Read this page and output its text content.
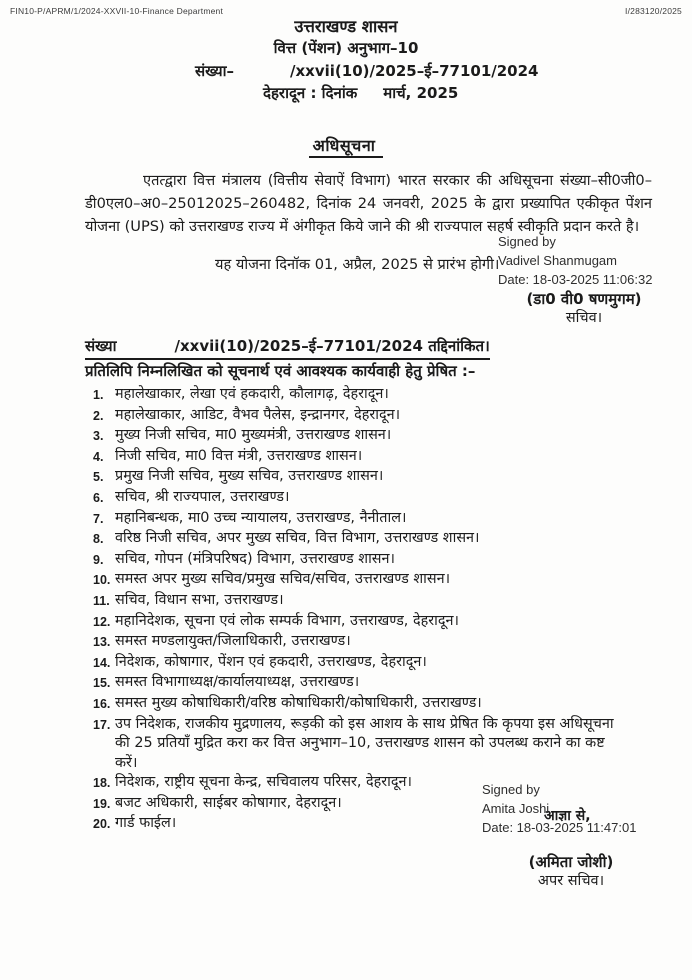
FIN10-P/APRM/1/2024-XXVII-10-Finance Department	I/283120/2025
उत्तराखण्ड शासन
वित्त (पेंशन) अनुभाग–10
संख्या–	/xxvii(10)/2025–ई–77101/2024
देहरादून : दिनांक मार्च, 2025
अधिसूचना

एतत्द्वारा वित्त मंत्रालय (वित्तीय सेवाऐं विभाग) भारत सरकार की अधिसूचना संख्या–सी0जी0–डी0एल0–अ0–25012025–260482, दिनांक 24 जनवरी, 2025 के द्वारा प्रख्यापित एकीकृत पेंशन योजना (UPS) को उत्तराखण्ड राज्य में अंगीकृत किये जाने की श्री राज्यपाल सहर्ष स्वीकृति प्रदान करते है।

यह योजना दिनॉक 01, अप्रैल, 2025 से प्रारंभ होगी।
Signed by
Vadivel Shanmugam
Date: 18-03-2025 11:06:32
(डा0 वी0 षणमुगम)
सचिव।
संख्या	/xxvii(10)/2025–ई–77101/2024 तद्दिनांकित।
प्रतिलिपि निम्नलिखित को सूचनार्थ एवं आवश्यक कार्यवाही हेतु प्रेषित :–
1. महालेखाकार, लेखा एवं हकदारी, कौलागढ़, देहरादून।
2. महालेखाकार, आडिट, वैभव पैलेस, इन्द्रानगर, देहरादून।
3. मुख्य निजी सचिव, मा0 मुख्यमंत्री, उत्तराखण्ड शासन।
4. निजी सचिव, मा0 वित्त मंत्री, उत्तराखण्ड शासन।
5. प्रमुख निजी सचिव, मुख्य सचिव, उत्तराखण्ड शासन।
6. सचिव, श्री राज्यपाल, उत्तराखण्ड।
7. महानिबन्धक, मा0 उच्च न्यायालय, उत्तराखण्ड, नैनीताल।
8. वरिष्ठ निजी सचिव, अपर मुख्य सचिव, वित्त विभाग, उत्तराखण्ड शासन।
9. सचिव, गोपन (मंत्रिपरिषद) विभाग, उत्तराखण्ड शासन।
10. समस्त अपर मुख्य सचिव/प्रमुख सचिव/सचिव, उत्तराखण्ड शासन।
11. सचिव, विधान सभा, उत्तराखण्ड।
12. महानिदेशक, सूचना एवं लोक सम्पर्क विभाग, उत्तराखण्ड, देहरादून।
13. समस्त मण्डलायुक्त/जिलाधिकारी, उत्तराखण्ड।
14. निदेशक, कोषागार, पेंशन एवं हकदारी, उत्तराखण्ड, देहरादून।
15. समस्त विभागाध्यक्ष/कार्यालयाध्यक्ष, उत्तराखण्ड।
16. समस्त मुख्य कोषाधिकारी/वरिष्ठ कोषाधिकारी/कोषाधिकारी, उत्तराखण्ड।
17. उप निदेशक, राजकीय मुद्रणालय, रूड़की को इस आशय के साथ प्रेषित कि कृपया इस अधिसूचना की 25 प्रतियॉं मुद्रित करा कर वित्त अनुभाग–10, उत्तराखण्ड शासन को उपलब्ध कराने का कष्ट करें।
18. निदेशक, राष्ट्रीय सूचना केन्द्र, सचिवालय परिसर, देहरादून।
19. बजट अधिकारी, साईबर कोषागार, देहरादून।
20. गार्ड फाईल।	आज्ञा से,
Signed by
Amita Joshi
Date: 18-03-2025 11:47:01
(अमिता जोशी)
अपर सचिव।
